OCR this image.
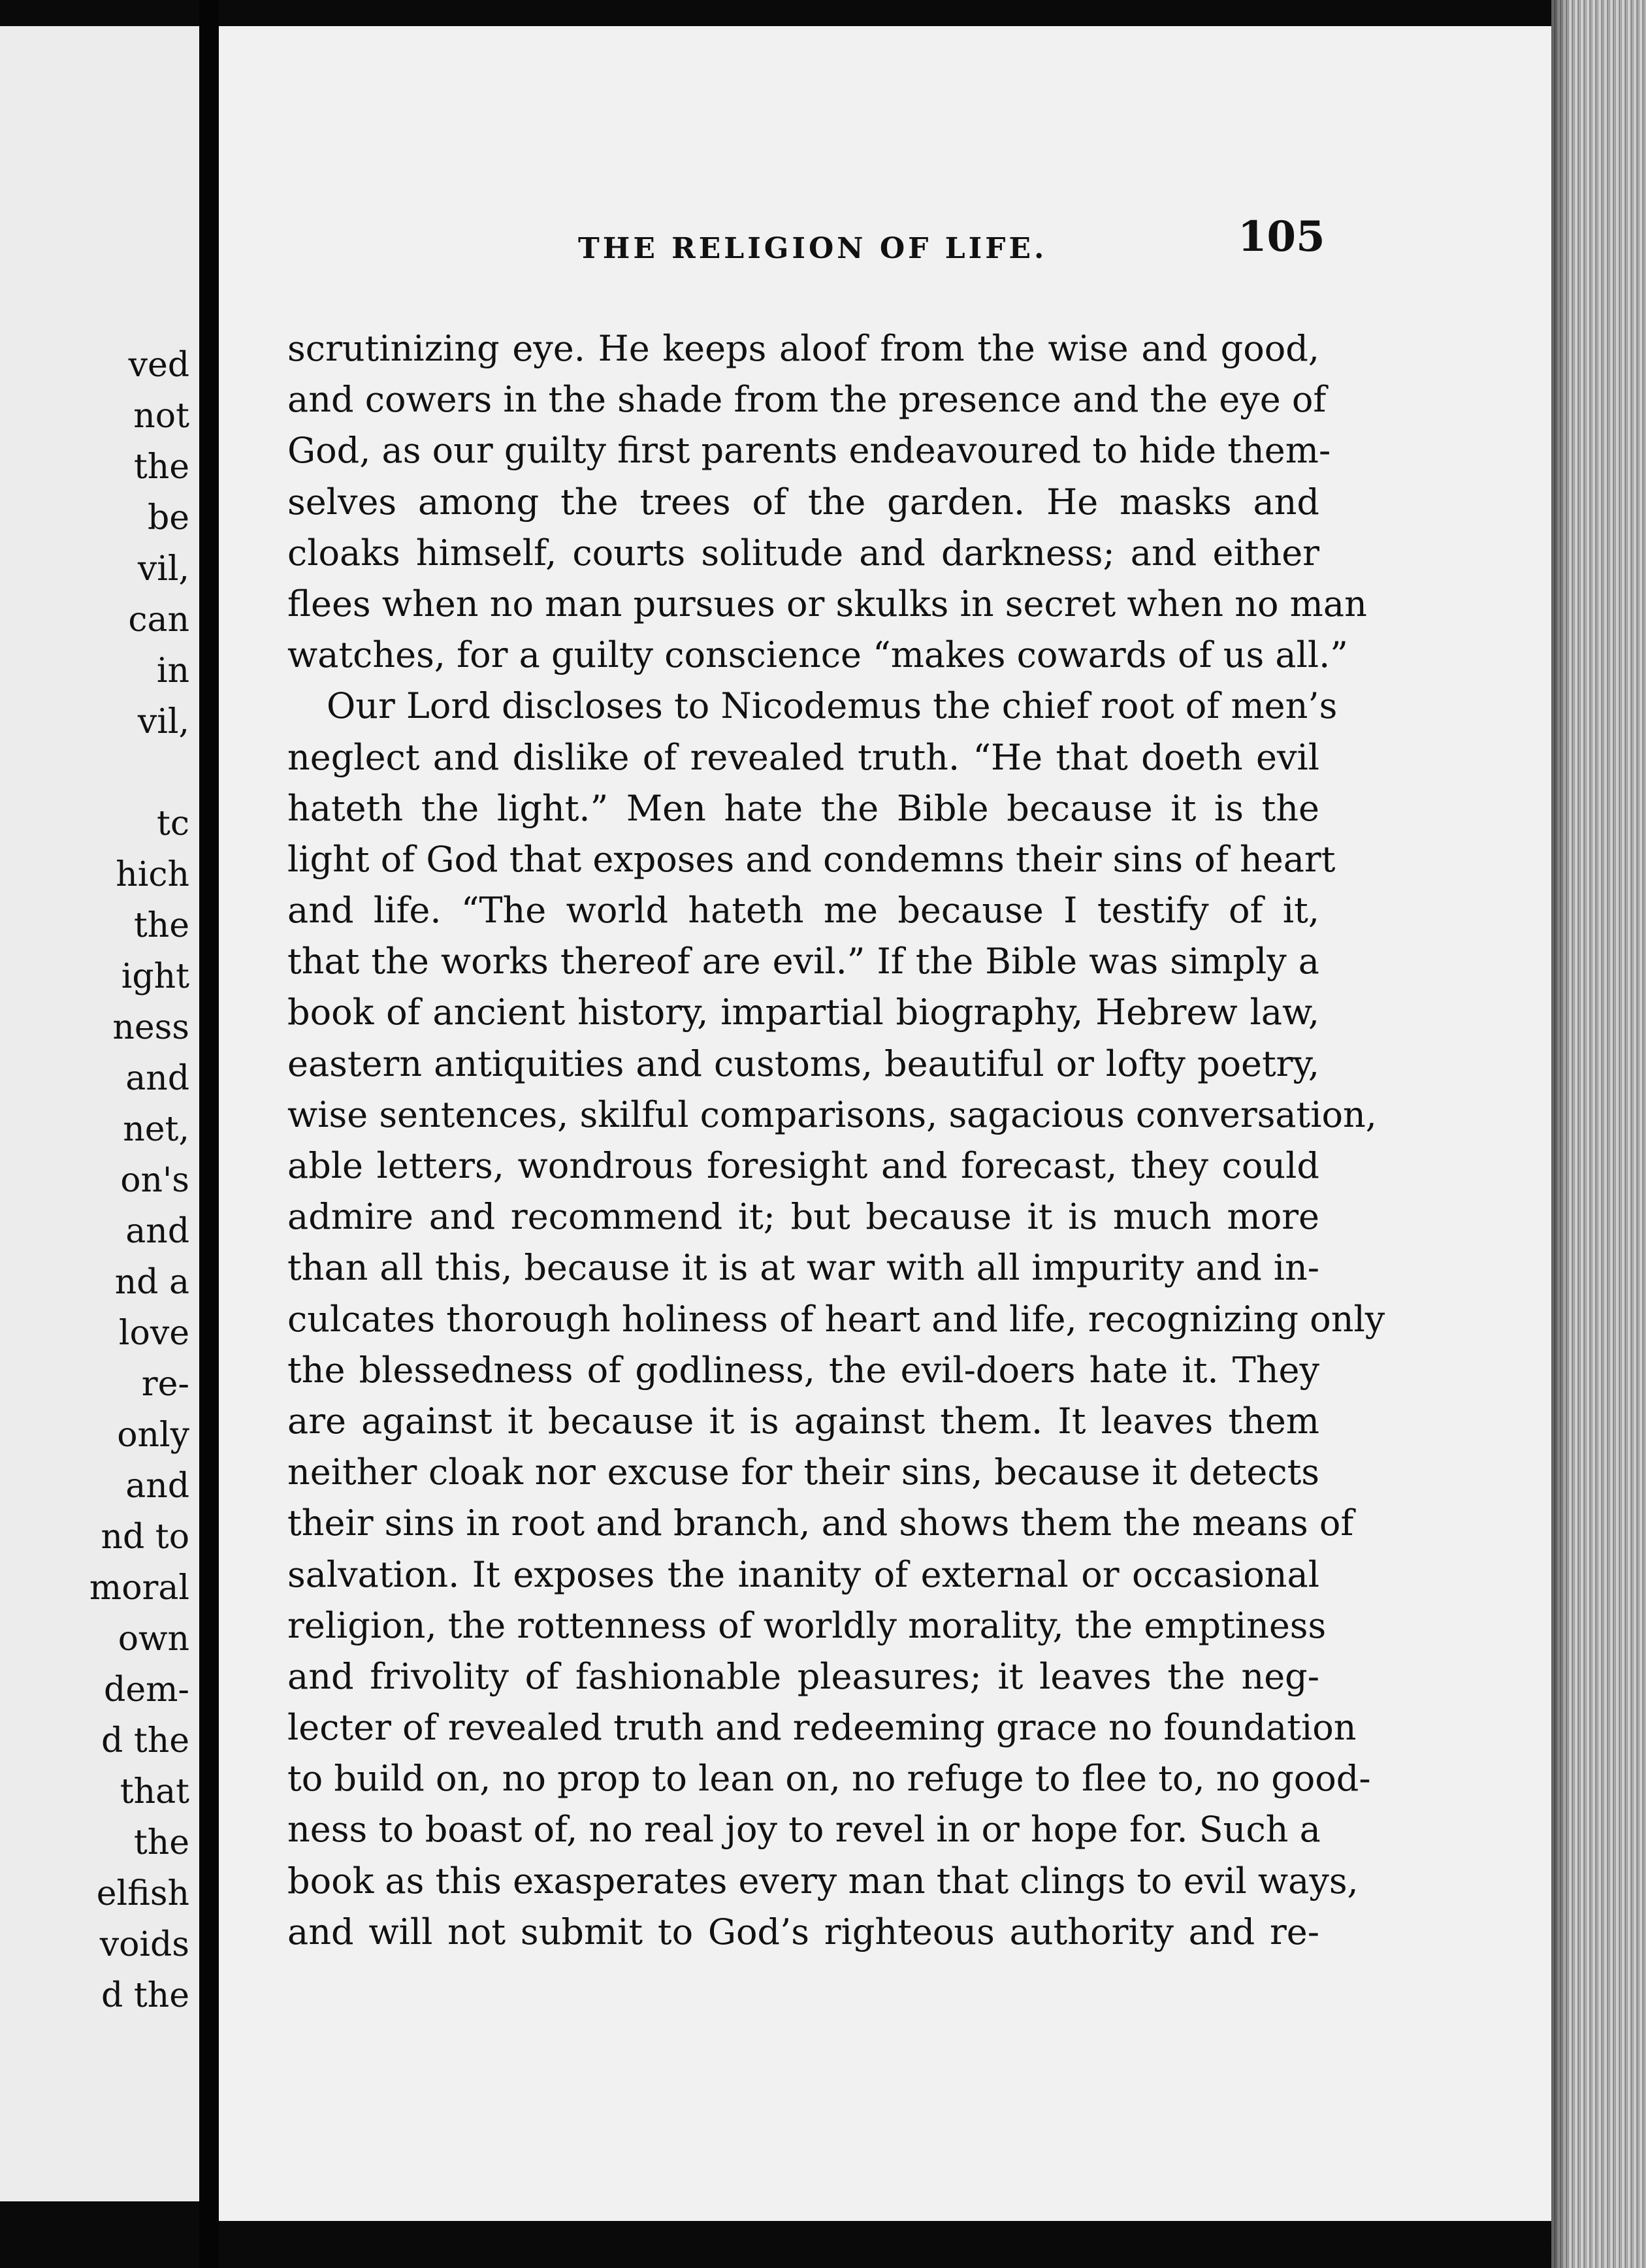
ved
not
the
be
vil,
can
in
vil,
tc
hich
the
ight
ness
and
net,
on's
and
nd a
love
re-
only
and
nd to
moral
own
dem-
d the
that
the
elfish
voids
d the
THE RELIGION OF LIFE.	105
scrutinizing eye. He keeps aloof from the wise and good,
and cowers in the shade from the presence and the eye of
God, as our guilty first parents endeavoured to hide them-
selves among the trees of the garden. He masks and
cloaks himself, courts solitude and darkness; and either
flees when no man pursues or skulks in secret when no man
watches, for a guilty conscience “makes cowards of us all.”
Our Lord discloses to Nicodemus the chief root of men’s
neglect and dislike of revealed truth. “He that doeth evil
hateth the light.” Men hate the Bible because it is the
light of God that exposes and condemns their sins of heart
and life. “The world hateth me because I testify of it,
that the works thereof are evil.” If the Bible was simply a
book of ancient history, impartial biography, Hebrew law,
eastern antiquities and customs, beautiful or lofty poetry,
wise sentences, skilful comparisons, sagacious conversation,
able letters, wondrous foresight and forecast, they could
admire and recommend it; but because it is much more
than all this, because it is at war with all impurity and in-
culcates thorough holiness of heart and life, recognizing only
the blessedness of godliness, the evil-doers hate it. They
are against it because it is against them. It leaves them
neither cloak nor excuse for their sins, because it detects
their sins in root and branch, and shows them the means of
salvation. It exposes the inanity of external or occasional
religion, the rottenness of worldly morality, the emptiness
and frivolity of fashionable pleasures; it leaves the neg-
lecter of revealed truth and redeeming grace no foundation
to build on, no prop to lean on, no refuge to flee to, no good-
ness to boast of, no real joy to revel in or hope for. Such a
book as this exasperates every man that clings to evil ways,
and will not submit to God’s righteous authority and re-
